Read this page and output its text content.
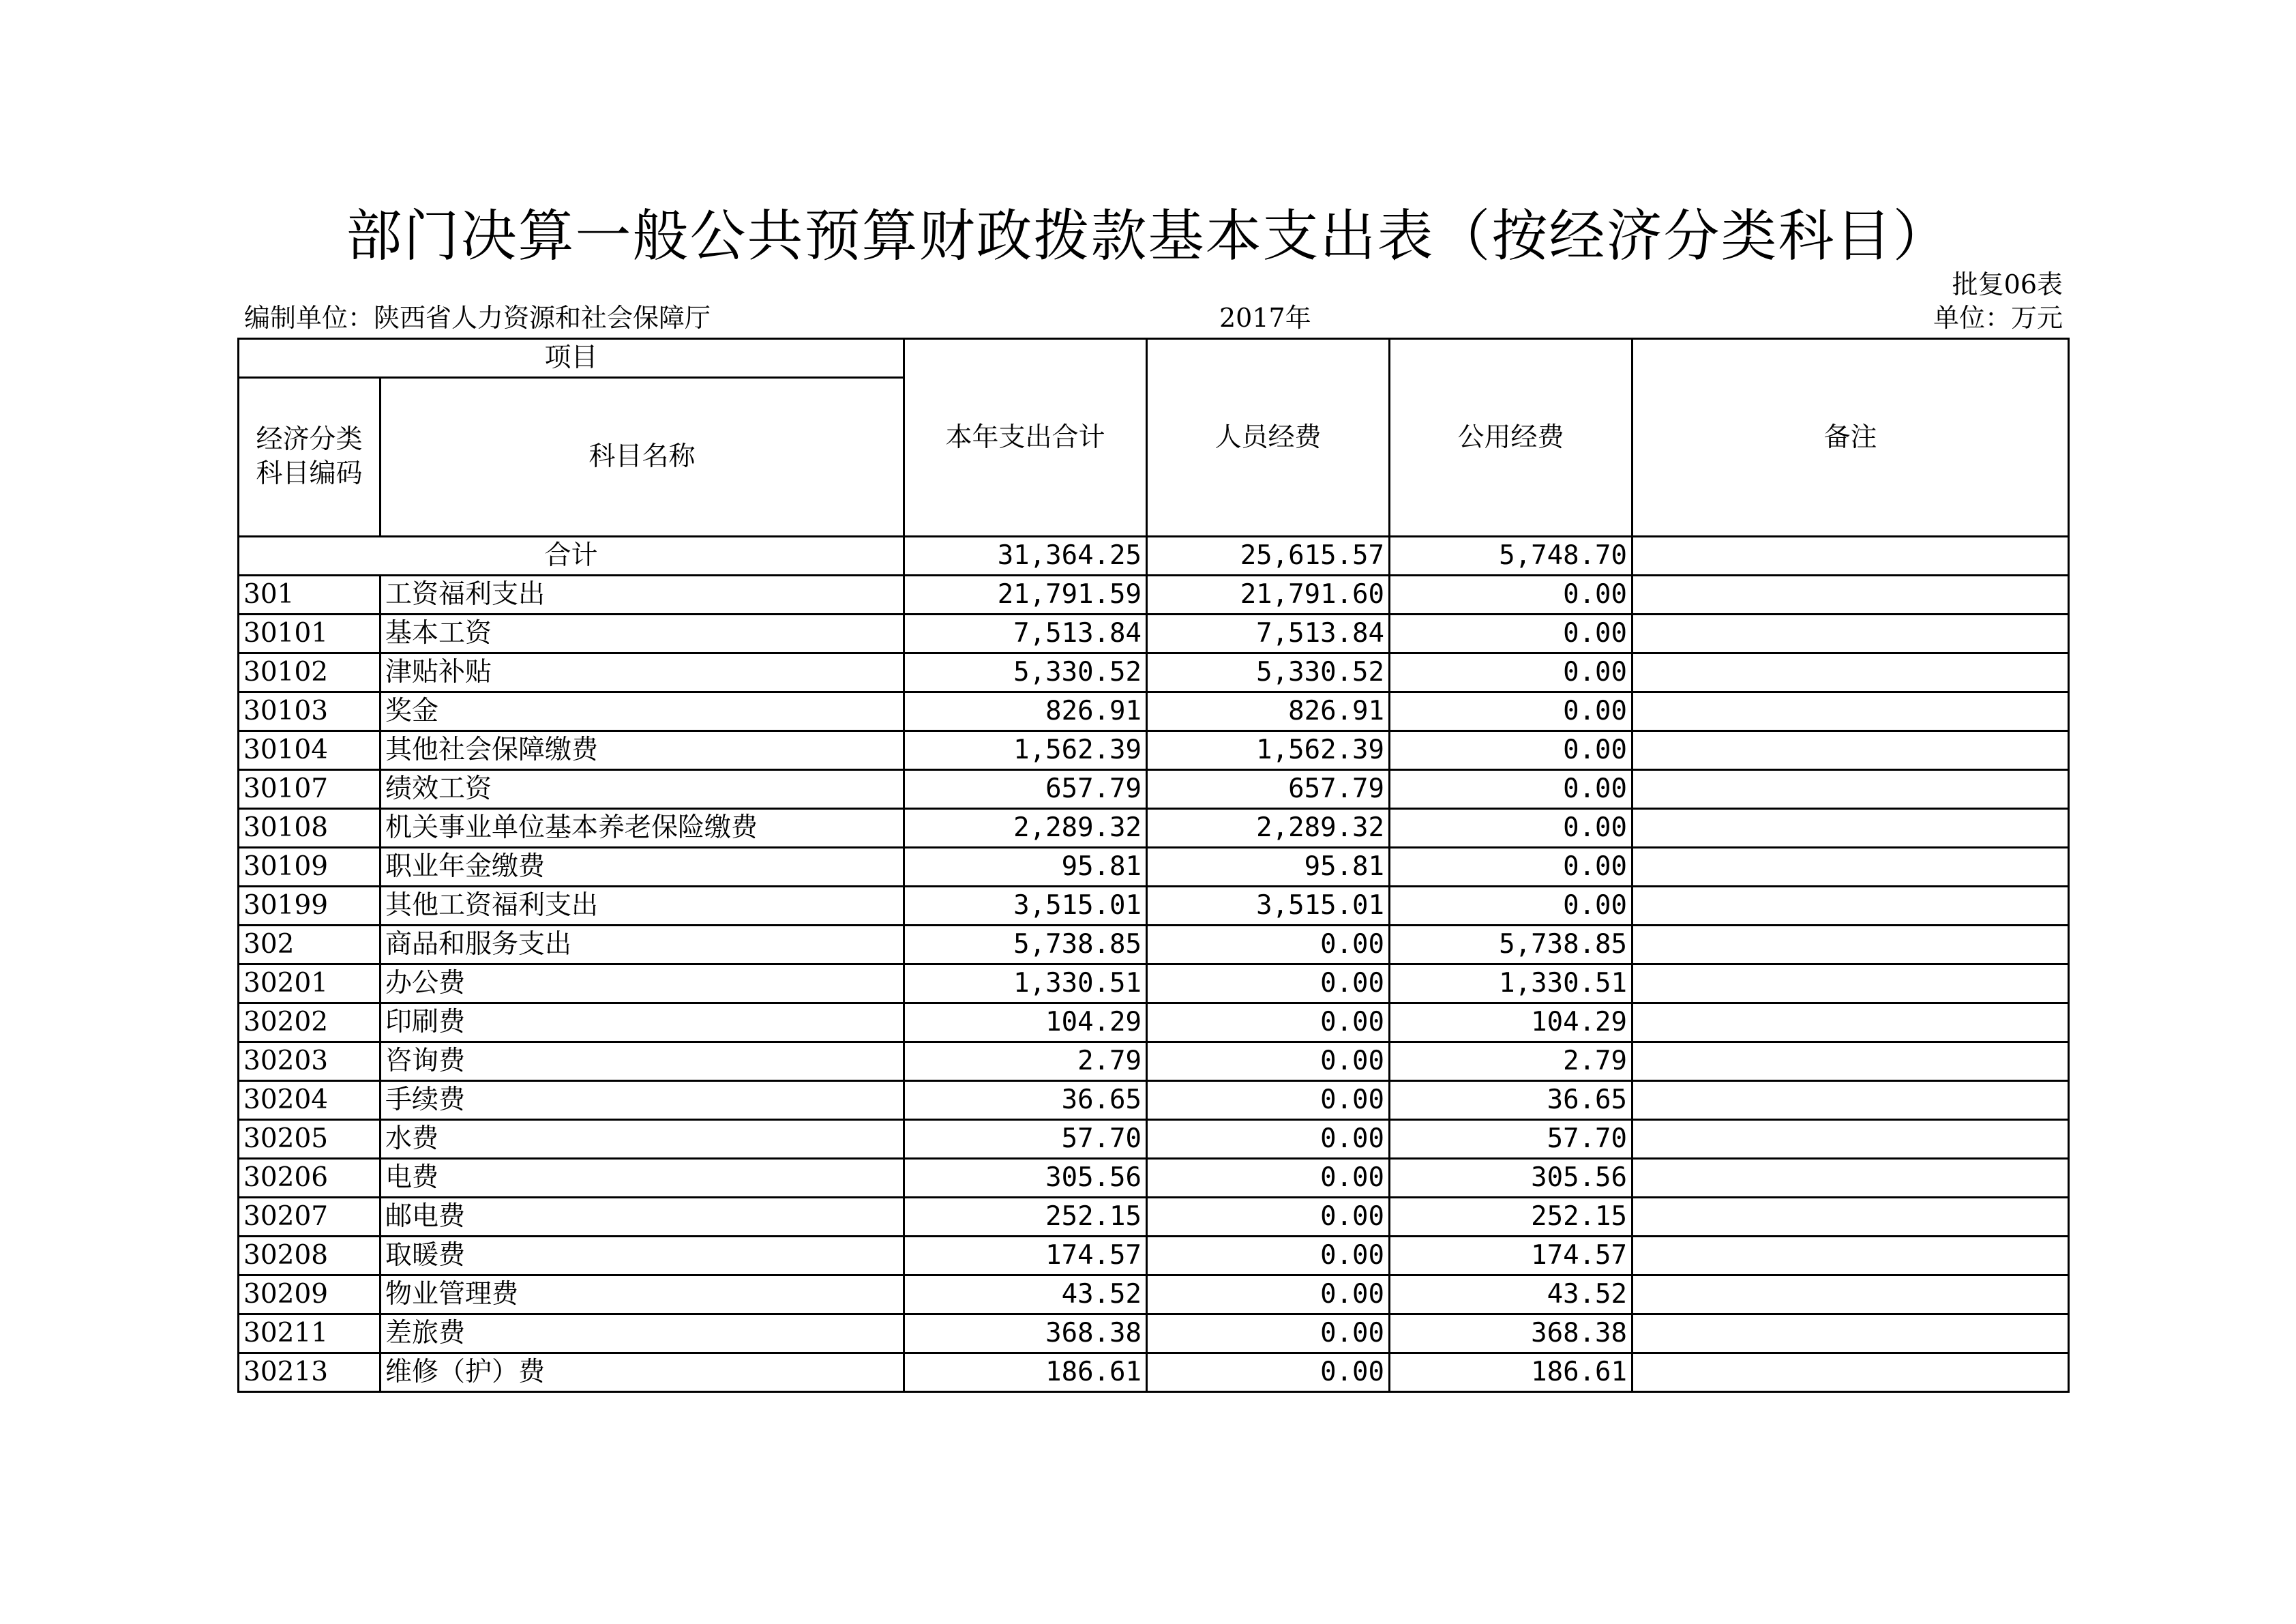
部门决算一般公共预算财政拨款基本支出表（按经济分类科目）
批复06表
编制单位：陕西省人力资源和社会保障厅	2017年	单位：万元
项目		本年支出合计	人员经费	公用经费	备注
经济分类科目编码	科目名称				
合计		31,364.25	25,615.57	5,748.70	
301	工资福利支出	21,791.59	21,791.60	0.00	
30101	基本工资	7,513.84	7,513.84	0.00	
30102	津贴补贴	5,330.52	5,330.52	0.00	
30103	奖金	826.91	826.91	0.00	
30104	其他社会保障缴费	1,562.39	1,562.39	0.00	
30107	绩效工资	657.79	657.79	0.00	
30108	机关事业单位基本养老保险缴费	2,289.32	2,289.32	0.00	
30109	职业年金缴费	95.81	95.81	0.00	
30199	其他工资福利支出	3,515.01	3,515.01	0.00	
302	商品和服务支出	5,738.85	0.00	5,738.85	
30201	办公费	1,330.51	0.00	1,330.51	
30202	印刷费	104.29	0.00	104.29	
30203	咨询费	2.79	0.00	2.79	
30204	手续费	36.65	0.00	36.65	
30205	水费	57.70	0.00	57.70	
30206	电费	305.56	0.00	305.56	
30207	邮电费	252.15	0.00	252.15	
30208	取暖费	174.57	0.00	174.57	
30209	物业管理费	43.52	0.00	43.52	
30211	差旅费	368.38	0.00	368.38	
30213	维修（护）费	186.61	0.00	186.61	
